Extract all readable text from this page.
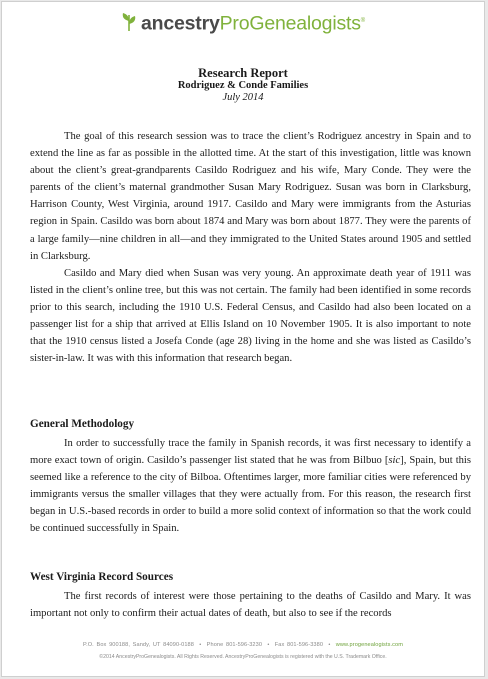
ancestryProGenealogists®
Research Report
Rodriguez & Conde Families
July 2014

The goal of this research session was to trace the client’s Rodriguez ancestry in Spain and to extend the line as far as possible in the allotted time. At the start of this investigation, little was known about the client’s great-grandparents Casildo Rodriguez and his wife, Mary Conde. They were the parents of the client’s maternal grandmother Susan Mary Rodriguez. Susan was born in Clarksburg, Harrison County, West Virginia, around 1917. Casildo and Mary were immigrants from the Asturias region in Spain. Casildo was born about 1874 and Mary was born about 1877. They were the parents of a large family—nine children in all—and they immigrated to the United States around 1905 and settled in Clarksburg.

Casildo and Mary died when Susan was very young. An approximate death year of 1911 was listed in the client’s online tree, but this was not certain. The family had been identified in some records prior to this search, including the 1910 U.S. Federal Census, and Casildo had also been located on a passenger list for a ship that arrived at Ellis Island on 10 November 1905. It is also important to note that the 1910 census listed a Josefa Conde (age 28) living in the home and she was listed as Casildo’s sister-in-law. It was with this information that research began.

General Methodology

In order to successfully trace the family in Spanish records, it was first necessary to identify a more exact town of origin. Casildo’s passenger list stated that he was from Bilbuo [sic], Spain, but this seemed like a reference to the city of Bilboa. Oftentimes larger, more familiar cities were referenced by immigrants versus the smaller villages that they were actually from. For this reason, the research first began in U.S.-based records in order to build a more solid context of information so that the work could be continued successfully in Spain.

West Virginia Record Sources

The first records of interest were those pertaining to the deaths of Casildo and Mary. It was important not only to confirm their actual dates of death, but also to see if the records

P.O. Box 900188, Sandy, UT 84090-0188  •  Phone 801-596-3230  •  Fax 801-596-3380  •  www.progenealogists.com
©2014 AncestryProGenealogists. All Rights Reserved. AncestryProGenealogists is registered with the U.S. Trademark Office.
